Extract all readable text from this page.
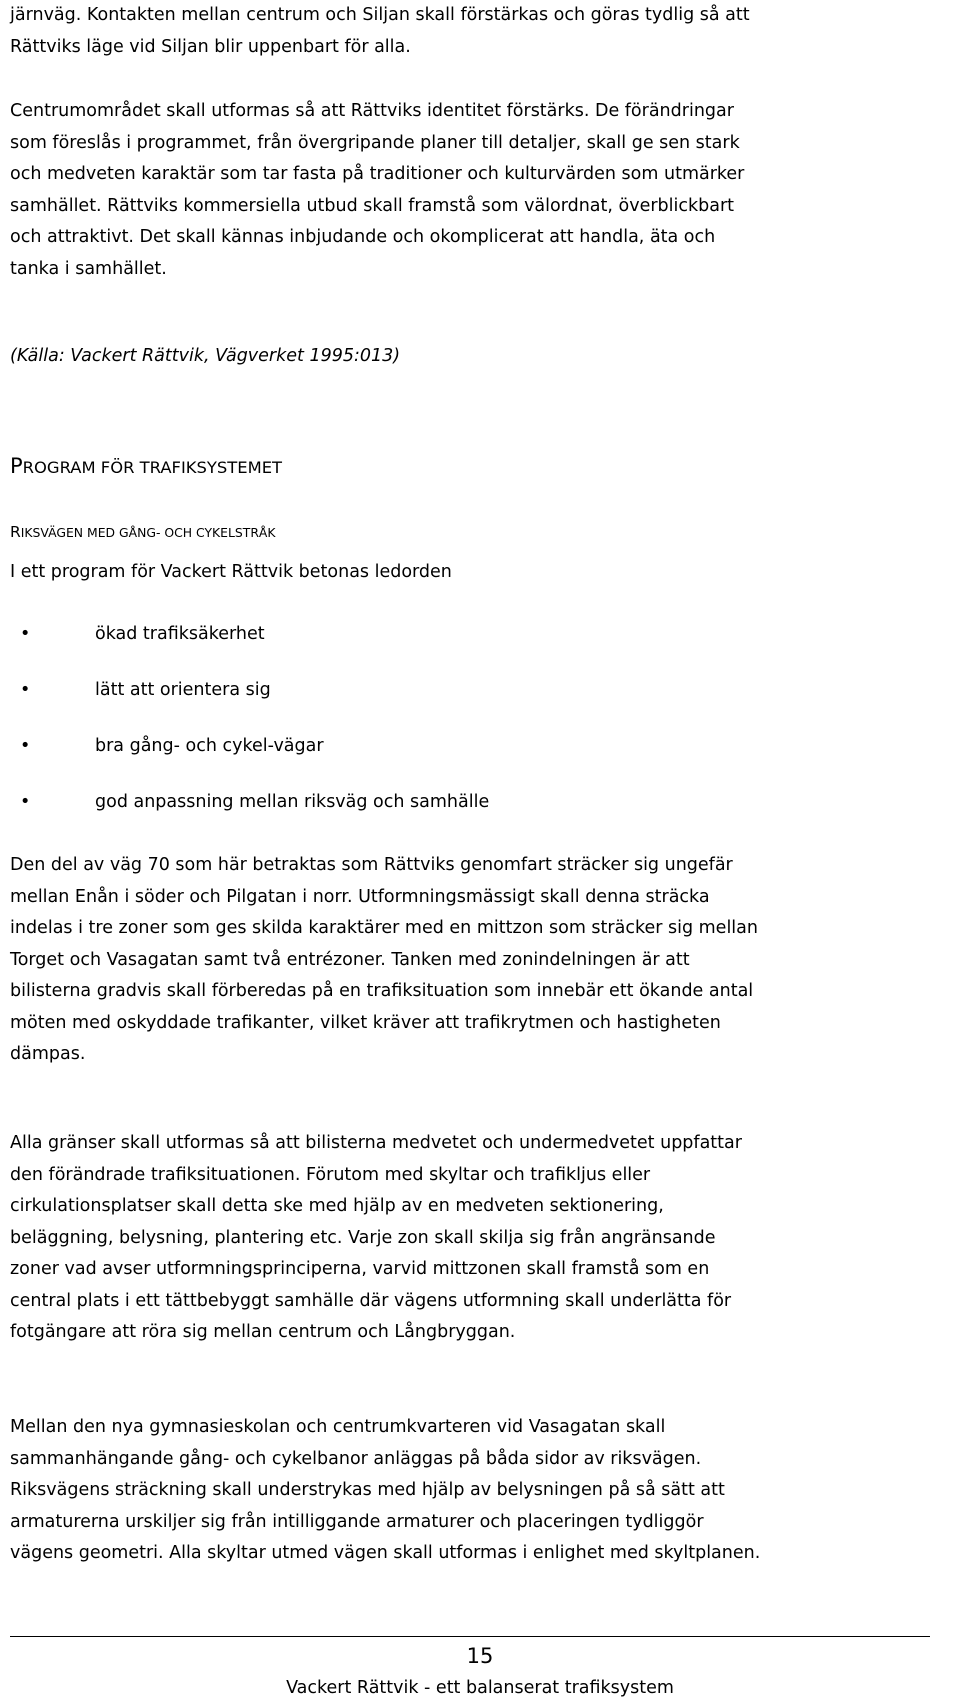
järnväg. Kontakten mellan centrum och Siljan skall förstärkas och göras tydlig så att
Rättviks läge vid Siljan blir uppenbart för alla.
Centrumområdet skall utformas så att Rättviks identitet förstärks. De förändringar
som föreslås i programmet, från övergripande planer till detaljer, skall ge sen stark
och medveten karaktär som tar fasta på traditioner och kulturvärden som utmärker
samhället. Rättviks kommersiella utbud skall framstå som välordnat, överblickbart
och attraktivt. Det skall kännas inbjudande och okomplicerat att handla, äta och
tanka i samhället.
(Källa: Vackert Rättvik, Vägverket 1995:013)
PROGRAM FÖR TRAFIKSYSTEMET
RIKSVÄGEN MED GÅNG- OCH CYKELSTRÅK
I ett program för Vackert Rättvik betonas ledorden
•	ökad trafiksäkerhet
•	lätt att orientera sig
•	bra gång- och cykel-vägar
•	god anpassning mellan riksväg och samhälle
Den del av väg 70 som här betraktas som Rättviks genomfart sträcker sig ungefär
mellan Enån i söder och Pilgatan i norr. Utformningsmässigt skall denna sträcka
indelas i tre zoner som ges skilda karaktärer med en mittzon som sträcker sig mellan
Torget och Vasagatan samt två entrézoner. Tanken med zonindelningen är att
bilisterna gradvis skall förberedas på en trafiksituation som innebär ett ökande antal
möten med oskyddade trafikanter, vilket kräver att trafikrytmen och hastigheten
dämpas.
Alla gränser skall utformas så att bilisterna medvetet och undermedvetet uppfattar
den förändrade trafiksituationen. Förutom med skyltar och trafikljus eller
cirkulationsplatser skall detta ske med hjälp av en medveten sektionering,
beläggning, belysning, plantering etc. Varje zon skall skilja sig från angränsande
zoner vad avser utformningsprinciperna, varvid mittzonen skall framstå som en
central plats i ett tättbebyggt samhälle där vägens utformning skall underlätta för
fotgängare att röra sig mellan centrum och Långbryggan.
Mellan den nya gymnasieskolan och centrumkvarteren vid Vasagatan skall
sammanhängande gång- och cykelbanor anläggas på båda sidor av riksvägen.
Riksvägens sträckning skall understrykas med hjälp av belysningen på så sätt att
armaturerna urskiljer sig från intilliggande armaturer och placeringen tydliggör
vägens geometri. Alla skyltar utmed vägen skall utformas i enlighet med skyltplanen.
15
Vackert Rättvik - ett balanserat trafiksystem
